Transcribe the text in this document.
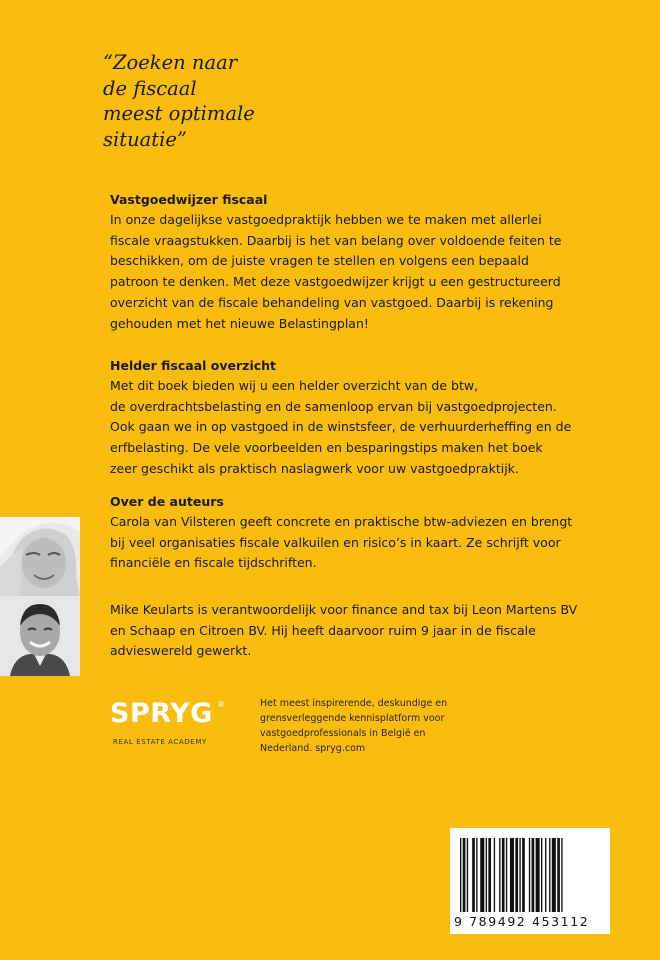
“Zoeken naar
de fiscaal
meest optimale
situatie”
Vastgoedwijzer fiscaal

In onze dagelijkse vastgoedpraktijk hebben we te maken met allerlei

fiscale vraagstukken. Daarbij is het van belang over voldoende feiten te

beschikken, om de juiste vragen te stellen en volgens een bepaald

patroon te denken. Met deze vastgoedwijzer krijgt u een gestructureerd

overzicht van de fiscale behandeling van vastgoed. Daarbij is rekening

gehouden met het nieuwe Belastingplan!

Helder fiscaal overzicht

Met dit boek bieden wij u een helder overzicht van de btw,

de overdrachtsbelasting en de samenloop ervan bij vastgoedprojecten.

Ook gaan we in op vastgoed in de winstsfeer, de verhuurderheffing en de

erfbelasting. De vele voorbeelden en besparingstips maken het boek

zeer geschikt als praktisch naslagwerk voor uw vastgoedpraktijk.

Over de auteurs

Carola van Vilsteren geeft concrete en praktische btw-adviezen en brengt

bij veel organisaties fiscale valkuilen en risico’s in kaart. Ze schrijft voor

financiële en fiscale tijdschriften.

Mike Keularts is verantwoordelijk voor finance and tax bij Leon Martens BV

en Schaap en Citroen BV. Hij heeft daarvoor ruim 9 jaar in de fiscale

advieswereld gewerkt.

SPRYG ®
REAL ESTATE ACADEMY
Het meest inspirerende, deskundige en
grensverleggende kennisplatform voor
vastgoedprofessionals in België en
Nederland. spryg.com
9 789492 453112
